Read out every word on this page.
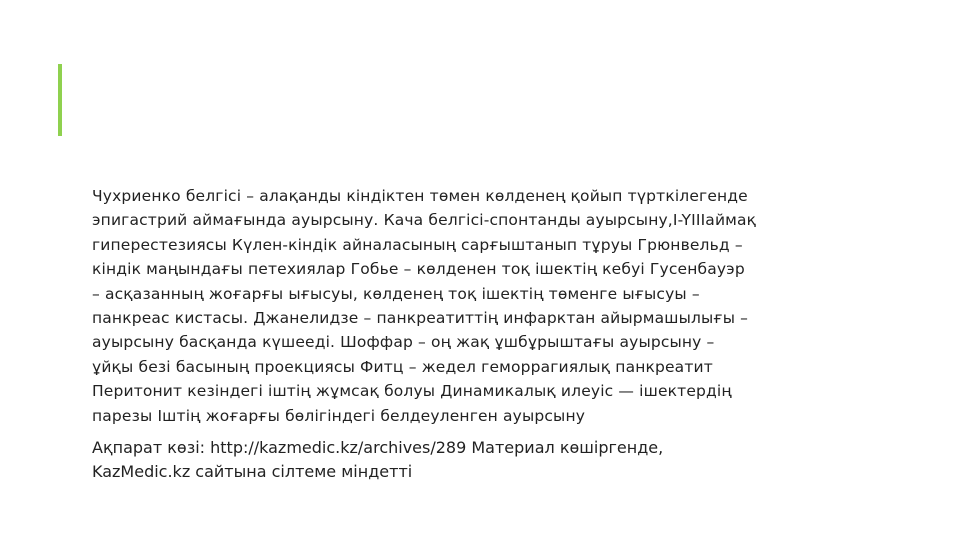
Чухриенко белгісі – алақанды кіндіктен төмен көлденең қойып түрткілегенде
эпигастрий аймағында ауырсыну. Кача белгісі-спонтанды ауырсыну,I-YIIIаймақ
гиперестезиясы Күлен-кіндік айналасының сарғыштанып тұруы Грюнвельд –
кіндік маңындағы петехиялар Гобье – көлденен тоқ ішектің кебуі Гусенбауэр
– асқазанның жоғарғы ығысуы, көлденең тоқ ішектің төменге ығысуы –
панкреас кистасы. Джанелидзе – панкреатиттің инфарктан айырмашылығы –
ауырсыну басқанда күшееді. Шоффар – оң жақ ұшбұрыштағы ауырсыну –
ұйқы безі басының проекциясы Фитц – жедел геморрагиялық панкреатит
Перитонит кезіндегі іштің жұмсақ болуы Динамикалық илеуіс — ішектердің
парезы Іштің жоғарғы бөлігіндегі белдеуленген ауырсыну
Ақпарат көзі: http://kazmedic.kz/archives/289 Материал көшіргенде,
KazMedic.kz сайтына сілтеме міндетті
